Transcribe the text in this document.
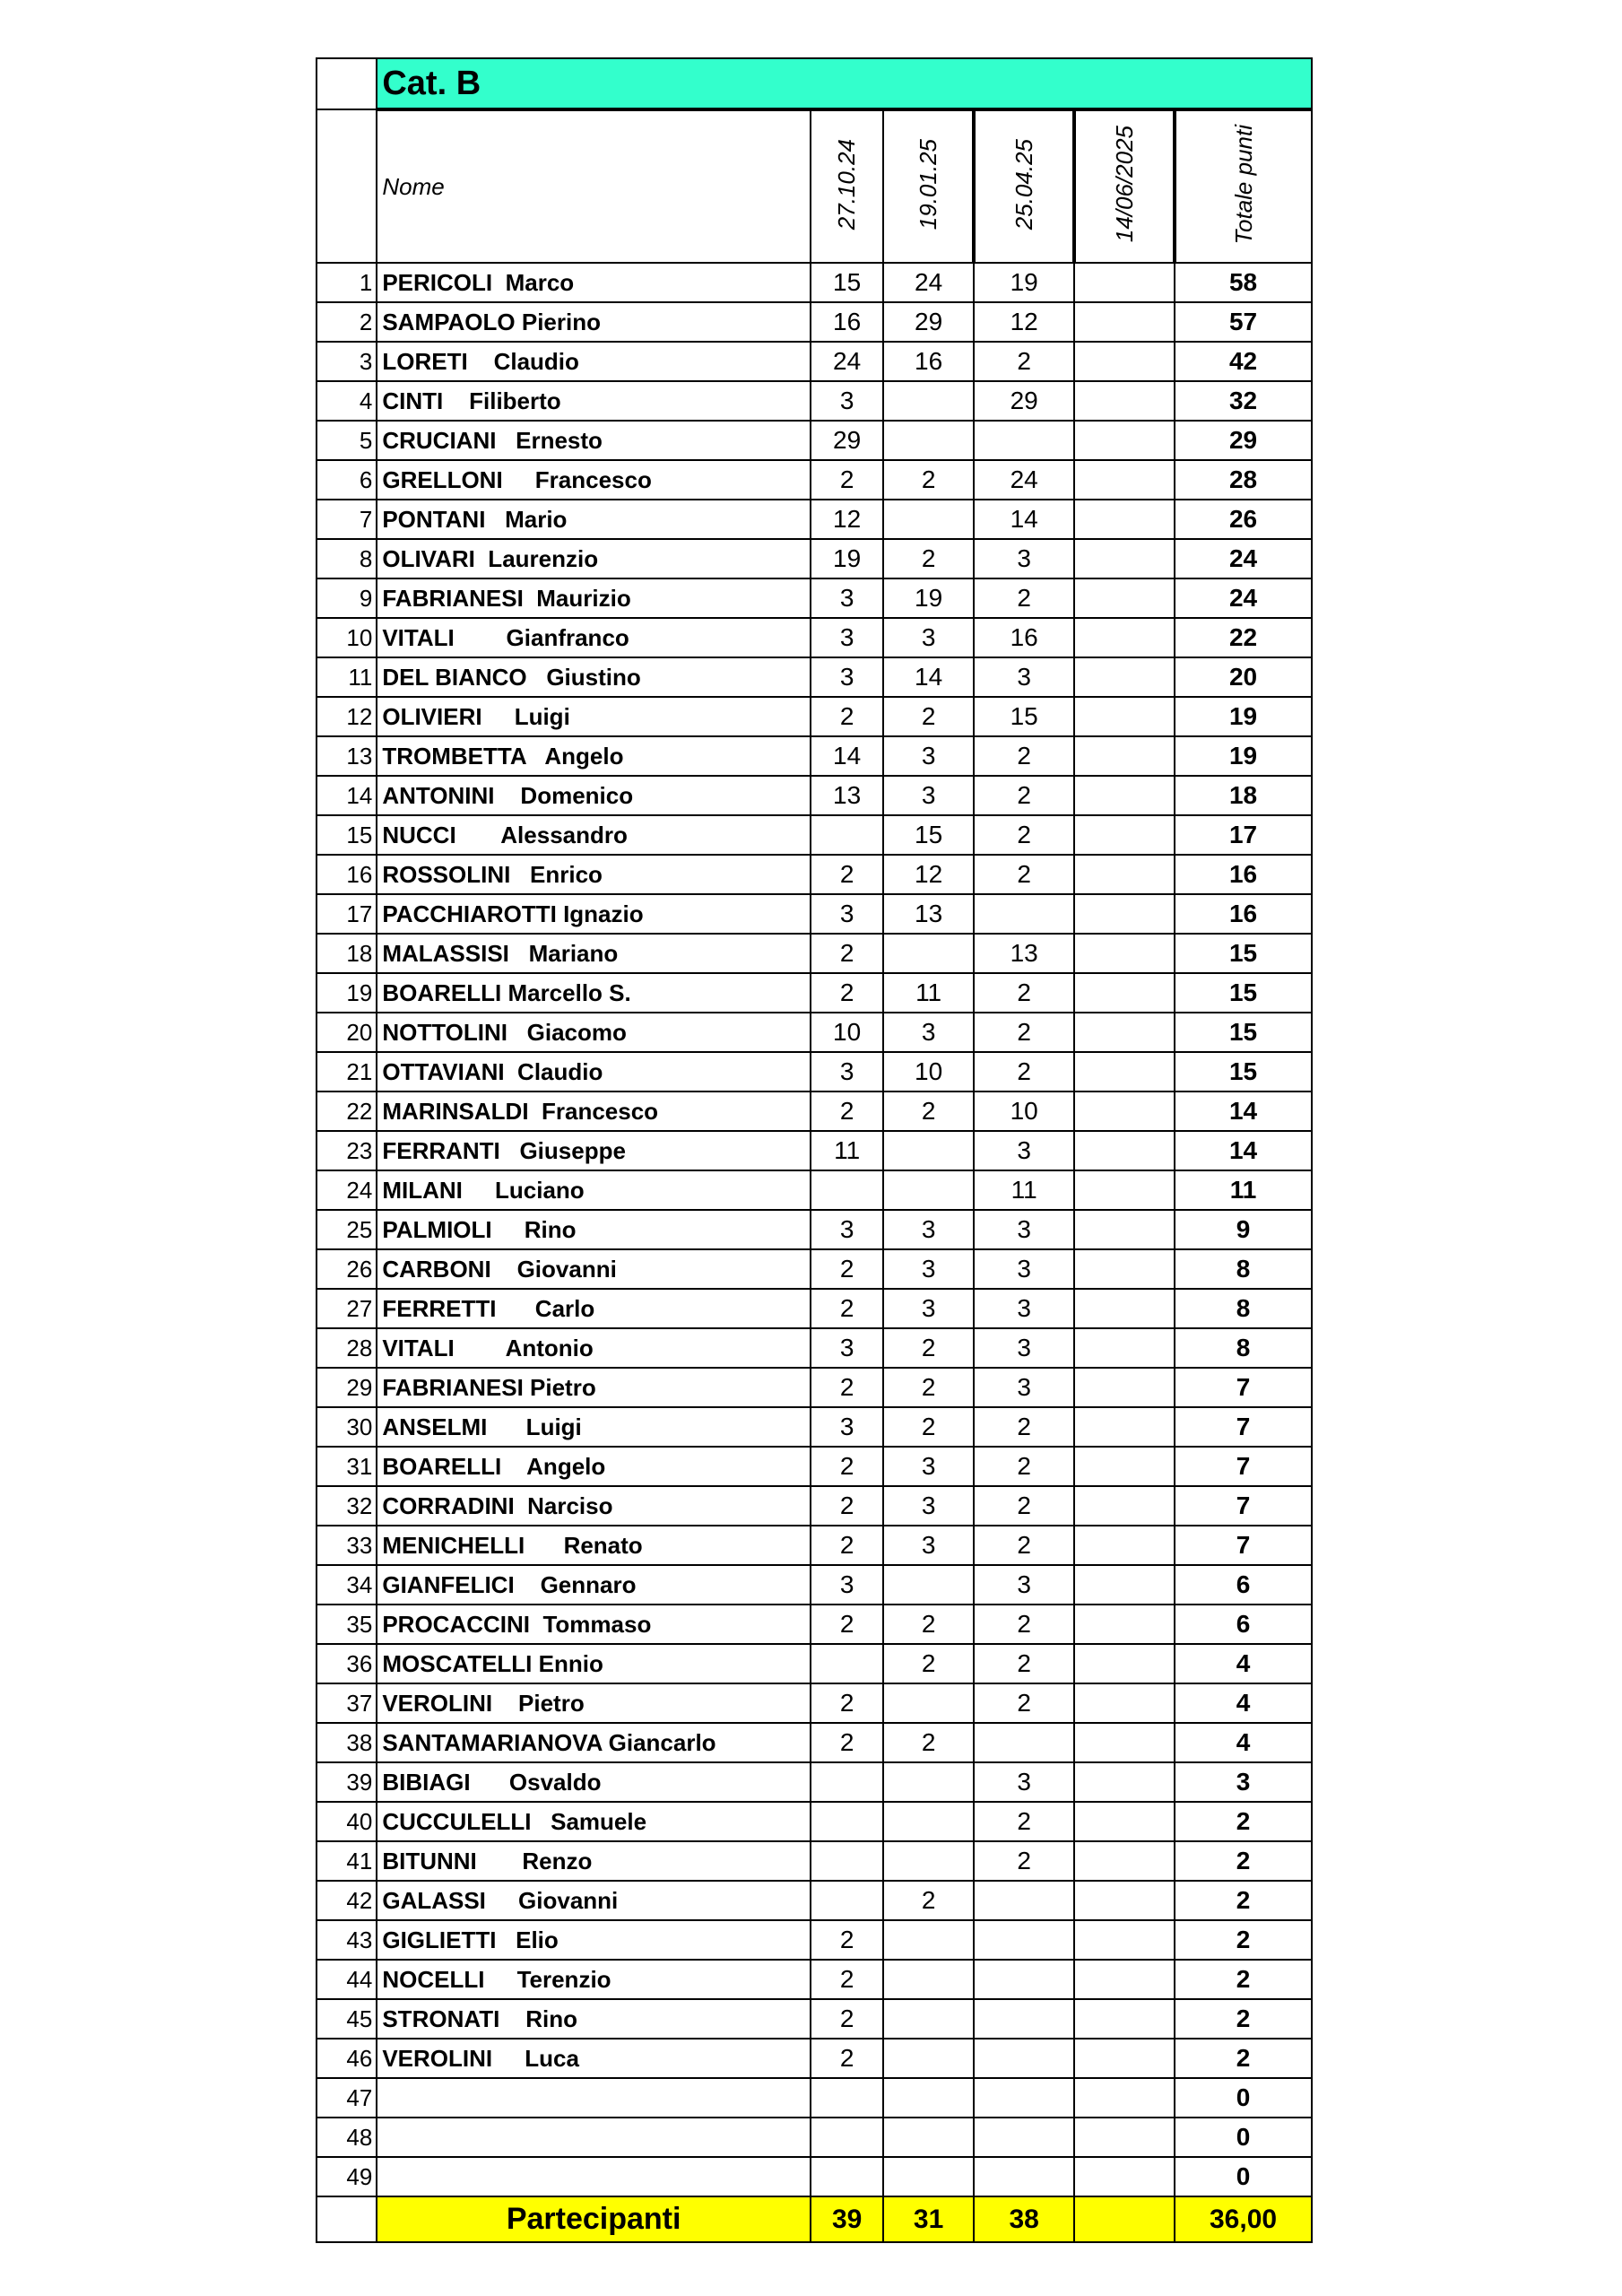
	Cat. B					
	Nome	27.10.24	19.01.25	25.04.25	14/06/2025	Totale punti
1	PERICOLI  Marco	15	24	19		58
2	SAMPAOLO Pierino	16	29	12		57
3	LORETI    Claudio	24	16	2		42
4	CINTI    Filiberto	3		29		32
5	CRUCIANI   Ernesto	29				29
6	GRELLONI     Francesco	2	2	24		28
7	PONTANI   Mario	12		14		26
8	OLIVARI  Laurenzio	19	2	3		24
9	FABRIANESI  Maurizio	3	19	2		24
10	VITALI        Gianfranco	3	3	16		22
11	DEL BIANCO   Giustino	3	14	3		20
12	OLIVIERI     Luigi	2	2	15		19
13	TROMBETTA   Angelo	14	3	2		19
14	ANTONINI    Domenico	13	3	2		18
15	NUCCI       Alessandro		15	2		17
16	ROSSOLINI   Enrico	2	12	2		16
17	PACCHIAROTTI Ignazio	3	13			16
18	MALASSISI   Mariano	2		13		15
19	BOARELLI Marcello S.	2	11	2		15
20	NOTTOLINI   Giacomo	10	3	2		15
21	OTTAVIANI  Claudio	3	10	2		15
22	MARINSALDI  Francesco	2	2	10		14
23	FERRANTI   Giuseppe	11		3		14
24	MILANI     Luciano			11		11
25	PALMIOLI     Rino	3	3	3		9
26	CARBONI    Giovanni	2	3	3		8
27	FERRETTI      Carlo	2	3	3		8
28	VITALI        Antonio	3	2	3		8
29	FABRIANESI Pietro	2	2	3		7
30	ANSELMI      Luigi	3	2	2		7
31	BOARELLI    Angelo	2	3	2		7
32	CORRADINI  Narciso	2	3	2		7
33	MENICHELLI      Renato	2	3	2		7
34	GIANFELICI    Gennaro	3		3		6
35	PROCACCINI  Tommaso	2	2	2		6
36	MOSCATELLI Ennio		2	2		4
37	VEROLINI    Pietro	2		2		4
38	SANTAMARIANOVA Giancarlo	2	2			4
39	BIBIAGI      Osvaldo			3		3
40	CUCCULELLI   Samuele			2		2
41	BITUNNI       Renzo			2		2
42	GALASSI     Giovanni		2			2
43	GIGLIETTI   Elio	2				2
44	NOCELLI     Terenzio	2				2
45	STRONATI    Rino	2				2
46	VEROLINI     Luca	2				2
47						0
48						0
49						0
	Partecipanti	39	31	38		36,00
